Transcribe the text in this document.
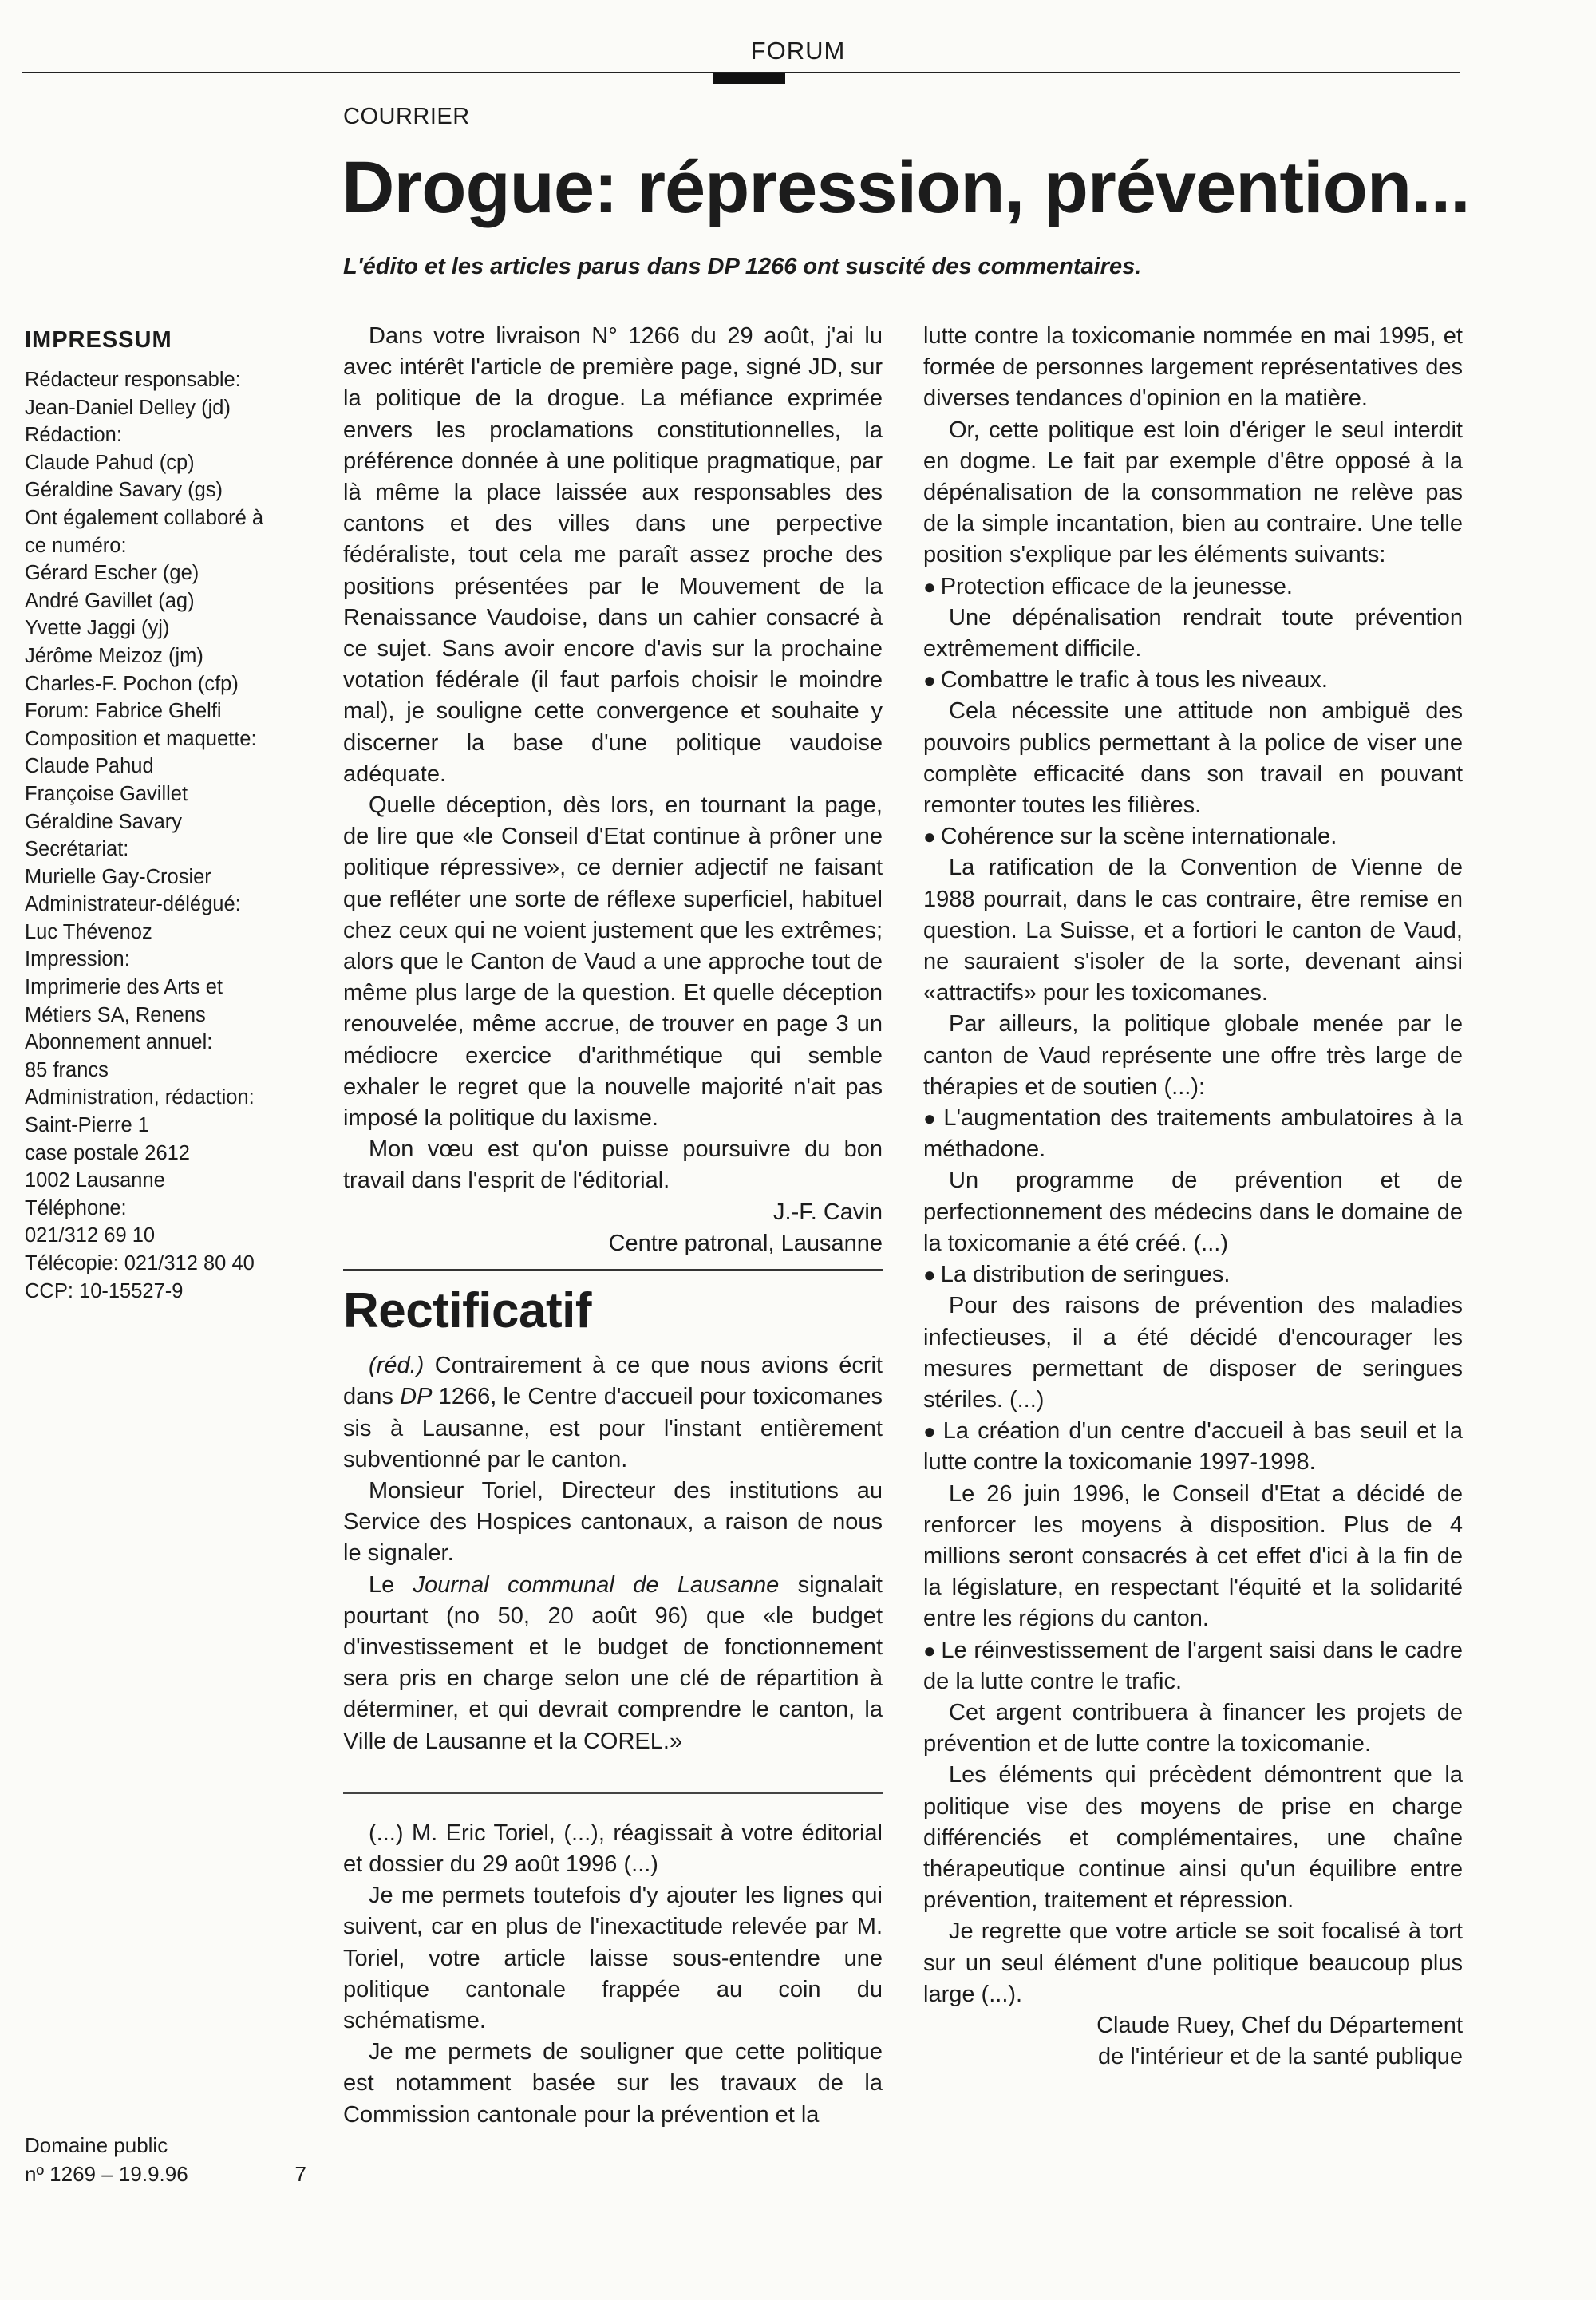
FORUM
COURRIER
Drogue: répression, prévention...

L'édito et les articles parus dans DP 1266 ont suscité des commentaires.

IMPRESSUM
Rédacteur responsable:
Jean-Daniel Delley (jd)
Rédaction:
Claude Pahud (cp)
Géraldine Savary (gs)
Ont également collaboré à
ce numéro:
Gérard Escher (ge)
André Gavillet (ag)
Yvette Jaggi (yj)
Jérôme Meizoz (jm)
Charles-F. Pochon (cfp)
Forum: Fabrice Ghelfi
Composition et maquette:
Claude Pahud
Françoise Gavillet
Géraldine Savary
Secrétariat:
Murielle Gay-Crosier
Administrateur-délégué:
Luc Thévenoz
Impression:
Imprimerie des Arts et
Métiers SA, Renens
Abonnement annuel:
85 francs
Administration, rédaction:
Saint-Pierre 1
case postale 2612
1002 Lausanne
Téléphone:
021/312 69 10
Télécopie: 021/312 80 40
CCP: 10-15527-9
Domaine public
nº 1269 – 19.9.96	7

Dans votre livraison N° 1266 du 29 août, j'ai lu avec intérêt l'article de première page, signé JD, sur la politique de la drogue. La méfiance exprimée envers les proclamations constitutionnelles, la préférence donnée à une politique pragmatique, par là même la place laissée aux responsables des cantons et des villes dans une perpective fédéraliste, tout cela me paraît assez proche des positions présentées par le Mouvement de la Renaissance Vaudoise, dans un cahier consacré à ce sujet. Sans avoir encore d'avis sur la prochaine votation fédérale (il faut parfois choisir le moindre mal), je souligne cette convergence et souhaite y discerner la base d'une politique vaudoise adéquate.

Quelle déception, dès lors, en tournant la page, de lire que «le Conseil d'Etat continue à prôner une politique répressive», ce dernier adjectif ne faisant que refléter une sorte de réflexe superficiel, habituel chez ceux qui ne voient justement que les extrêmes; alors que le Canton de Vaud a une approche tout de même plus large de la question. Et quelle déception renouvelée, même accrue, de trouver en page 3 un médiocre exercice d'arithmétique qui semble exhaler le regret que la nouvelle majorité n'ait pas imposé la politique du laxisme.

Mon vœu est qu'on puisse poursuivre du bon travail dans l'esprit de l'éditorial.

J.-F. Cavin

Centre patronal, Lausanne

Rectificatif

(réd.) Contrairement à ce que nous avions écrit dans DP 1266, le Centre d'accueil pour toxicomanes sis à Lausanne, est pour l'instant entièrement subventionné par le canton.

Monsieur Toriel, Directeur des institutions au Service des Hospices cantonaux, a raison de nous le signaler.

Le Journal communal de Lausanne signalait pourtant (no 50, 20 août 96) que «le budget d'investissement et le budget de fonctionnement sera pris en charge selon une clé de répartition à déterminer, et qui devrait comprendre le canton, la Ville de Lausanne et la COREL.»

(...) M. Eric Toriel, (...), réagissait à votre éditorial et dossier du 29 août 1996 (...)

Je me permets toutefois d'y ajouter les lignes qui suivent, car en plus de l'inexactitude relevée par M. Toriel, votre article laisse sous-entendre une politique cantonale frappée au coin du schématisme.

Je me permets de souligner que cette politique est notamment basée sur les travaux de la Commission cantonale pour la prévention et la

lutte contre la toxicomanie nommée en mai 1995, et formée de personnes largement représentatives des diverses tendances d'opinion en la matière.

Or, cette politique est loin d'ériger le seul interdit en dogme. Le fait par exemple d'être opposé à la dépénalisation de la consommation ne relève pas de la simple incantation, bien au contraire. Une telle position s'explique par les éléments suivants:

● Protection efficace de la jeunesse.

Une dépénalisation rendrait toute prévention extrêmement difficile.

● Combattre le trafic à tous les niveaux.

Cela nécessite une attitude non ambiguë des pouvoirs publics permettant à la police de viser une complète efficacité dans son travail en pouvant remonter toutes les filières.

● Cohérence sur la scène internationale.

La ratification de la Convention de Vienne de 1988 pourrait, dans le cas contraire, être remise en question. La Suisse, et a fortiori le canton de Vaud, ne sauraient s'isoler de la sorte, devenant ainsi «attractifs» pour les toxicomanes.

Par ailleurs, la politique globale menée par le canton de Vaud représente une offre très large de thérapies et de soutien (...):

● L'augmentation des traitements ambulatoires à la méthadone.

Un programme de prévention et de perfectionnement des médecins dans le domaine de la toxicomanie a été créé. (...)

● La distribution de seringues.

Pour des raisons de prévention des maladies infectieuses, il a été décidé d'encourager les mesures permettant de disposer de seringues stériles. (...)

● La création d'un centre d'accueil à bas seuil et la lutte contre la toxicomanie 1997-1998.

Le 26 juin 1996, le Conseil d'Etat a décidé de renforcer les moyens à disposition. Plus de 4 millions seront consacrés à cet effet d'ici à la fin de la législature, en respectant l'équité et la solidarité entre les régions du canton.

● Le réinvestissement de l'argent saisi dans le cadre de la lutte contre le trafic.

Cet argent contribuera à financer les projets de prévention et de lutte contre la toxicomanie.

Les éléments qui précèdent démontrent que la politique vise des moyens de prise en charge différenciés et complémentaires, une chaîne thérapeutique continue ainsi qu'un équilibre entre prévention, traitement et répression.

Je regrette que votre article se soit focalisé à tort sur un seul élément d'une politique beaucoup plus large (...).

Claude Ruey, Chef du Département

de l'intérieur et de la santé publique
